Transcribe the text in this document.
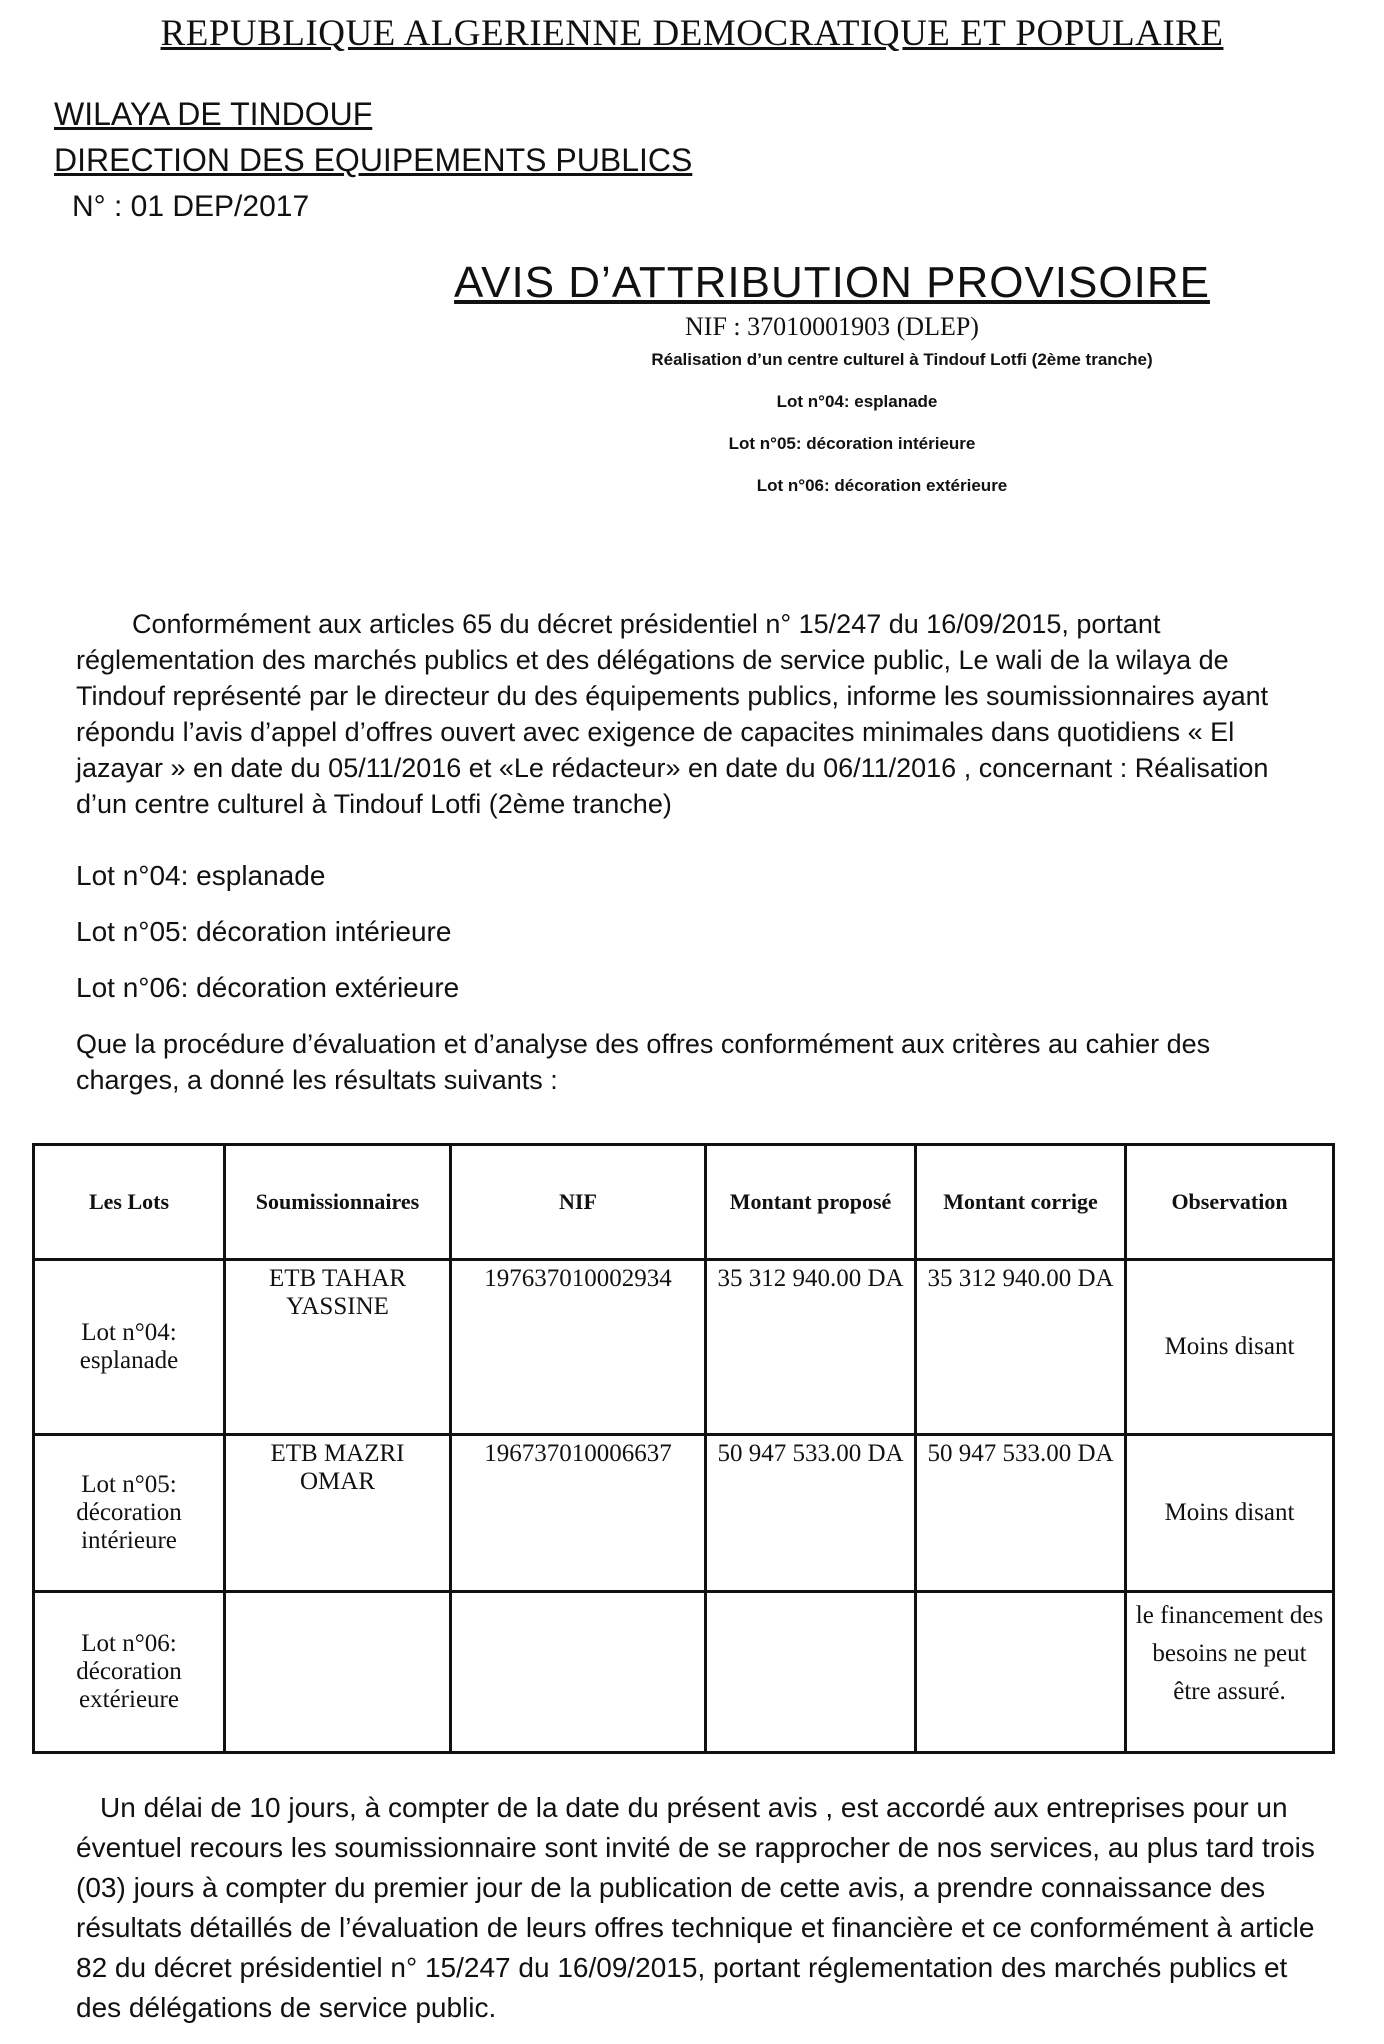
REPUBLIQUE ALGERIENNE DEMOCRATIQUE ET POPULAIRE
WILAYA DE TINDOUF
DIRECTION DES EQUIPEMENTS PUBLICS
N° : 01 DEP/2017
AVIS D’ATTRIBUTION PROVISOIRE
NIF : 37010001903 (DLEP)
Réalisation d’un centre culturel à Tindouf Lotfi (2ème tranche)
Lot n°04: esplanade
Lot n°05: décoration intérieure
Lot n°06: décoration extérieure
Conformément aux articles 65 du décret présidentiel n° 15/247 du 16/09/2015, portant réglementation des marchés publics et des délégations de service public, Le wali de la wilaya de Tindouf représenté par le directeur du des équipements publics, informe les soumissionnaires ayant répondu l’avis d’appel d’offres ouvert avec exigence de capacites minimales dans quotidiens « El jazayar » en date du 05/11/2016 et «Le rédacteur» en date du 06/11/2016 , concernant : Réalisation d’un centre culturel à Tindouf Lotfi (2ème tranche)
Lot n°04: esplanade
Lot n°05: décoration intérieure
Lot n°06: décoration extérieure
Que la procédure d’évaluation et d’analyse des offres conformément aux critères au cahier des charges, a donné les résultats suivants :
Les Lots	Soumissionnaires	NIF	Montant proposé	Montant corrige	Observation
Lot n°04: esplanade	ETB TAHAR YASSINE	197637010002934	35 312 940.00 DA	35 312 940.00 DA	Moins disant
Lot n°05: décoration intérieure	ETB MAZRI OMAR	196737010006637	50 947 533.00 DA	50 947 533.00 DA	Moins disant
Lot n°06: décoration extérieure					le financement des besoins ne peut être assuré.
Un délai de 10 jours, à compter de la date du présent avis , est accordé aux entreprises pour un éventuel recours les soumissionnaire sont invité de se rapprocher de nos services, au plus tard trois (03) jours à compter du premier jour de la publication de cette avis, a prendre connaissance des résultats détaillés de l’évaluation de leurs offres technique et financière et ce conformément à article 82 du décret présidentiel n° 15/247 du 16/09/2015, portant réglementation des marchés publics et des délégations de service public.
